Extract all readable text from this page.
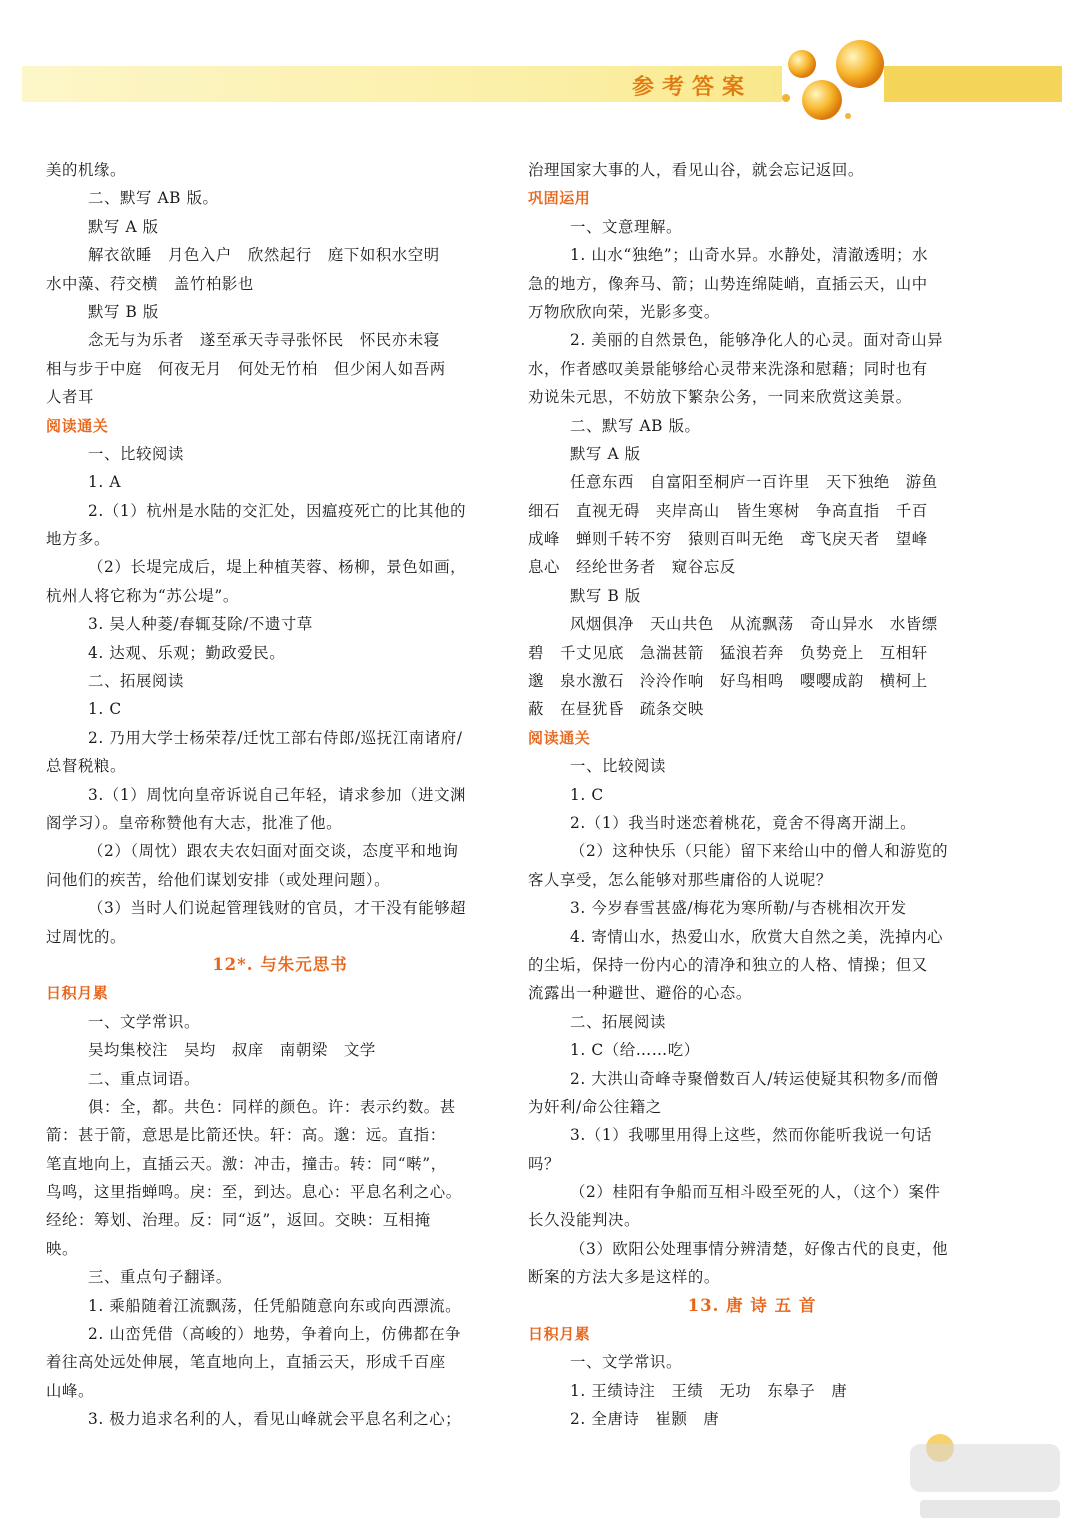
参考答案
美的机缘。
二、默写 AB 版。
默写 A 版
解衣欲睡　月色入户　欣然起行　庭下如积水空明
水中藻、荇交横　盖竹柏影也
默写 B 版
念无与为乐者　遂至承天寺寻张怀民　怀民亦未寝
相与步于中庭　何夜无月　何处无竹柏　但少闲人如吾两
人者耳
阅读通关
一、比较阅读
1. A
2.（1）杭州是水陆的交汇处，因瘟疫死亡的比其他的
地方多。
（2）长堤完成后，堤上种植芙蓉、杨柳，景色如画，
杭州人将它称为“苏公堤”。
3. 吴人种菱/春辄芟除/不遗寸草
4. 达观、乐观；勤政爱民。
二、拓展阅读
1. C
2. 乃用大学士杨荣荐/迁忱工部右侍郎/巡抚江南诸府/
总督税粮。
3.（1）周忱向皇帝诉说自己年轻，请求参加（进文渊
阁学习）。皇帝称赞他有大志，批准了他。
（2）（周忱）跟农夫农妇面对面交谈，态度平和地询
问他们的疾苦，给他们谋划安排（或处理问题）。
（3）当时人们说起管理钱财的官员，才干没有能够超
过周忱的。
12*. 与朱元思书
日积月累
一、文学常识。
吴均集校注　吴均　叔庠　南朝梁　文学
二、重点词语。
俱：全，都。共色：同样的颜色。许：表示约数。甚
箭：甚于箭，意思是比箭还快。轩：高。邈：远。直指：
笔直地向上，直插云天。激：冲击，撞击。转：同“啭”，
鸟鸣，这里指蝉鸣。戾：至，到达。息心：平息名利之心。
经纶：筹划、治理。反：同“返”，返回。交映：互相掩
映。
三、重点句子翻译。
1. 乘船随着江流飘荡，任凭船随意向东或向西漂流。
2. 山峦凭借（高峻的）地势，争着向上，仿佛都在争
着往高处远处伸展，笔直地向上，直插云天，形成千百座
山峰。
3. 极力追求名利的人，看见山峰就会平息名利之心；
治理国家大事的人，看见山谷，就会忘记返回。
巩固运用
一、文意理解。
1. 山水“独绝”；山奇水异。水静处，清澈透明；水
急的地方，像奔马、箭；山势连绵陡峭，直插云天，山中
万物欣欣向荣，光影多变。
2. 美丽的自然景色，能够净化人的心灵。面对奇山异
水，作者感叹美景能够给心灵带来洗涤和慰藉；同时也有
劝说朱元思，不妨放下繁杂公务，一同来欣赏这美景。
二、默写 AB 版。
默写 A 版
任意东西　自富阳至桐庐一百许里　天下独绝　游鱼
细石　直视无碍　夹岸高山　皆生寒树　争高直指　千百
成峰　蝉则千转不穷　猿则百叫无绝　鸢飞戾天者　望峰
息心　经纶世务者　窥谷忘反
默写 B 版
风烟俱净　天山共色　从流飘荡　奇山异水　水皆缥
碧　千丈见底　急湍甚箭　猛浪若奔　负势竞上　互相轩
邈　泉水激石　泠泠作响　好鸟相鸣　嘤嘤成韵　横柯上
蔽　在昼犹昏　疏条交映
阅读通关
一、比较阅读
1. C
2.（1）我当时迷恋着桃花，竟舍不得离开湖上。
（2）这种快乐（只能）留下来给山中的僧人和游览的
客人享受，怎么能够对那些庸俗的人说呢？
3. 今岁春雪甚盛/梅花为寒所勒/与杏桃相次开发
4. 寄情山水，热爱山水，欣赏大自然之美，洗掉内心
的尘垢，保持一份内心的清净和独立的人格、情操；但又
流露出一种避世、避俗的心态。
二、拓展阅读
1. C（给……吃）
2. 大洪山奇峰寺聚僧数百人/转运使疑其积物多/而僧
为奸利/命公往籍之
3.（1）我哪里用得上这些，然而你能听我说一句话
吗？
（2）桂阳有争船而互相斗殴至死的人，（这个）案件
长久没能判决。
（3）欧阳公处理事情分辨清楚，好像古代的良吏，他
断案的方法大多是这样的。
13. 唐 诗 五 首
日积月累
一、文学常识。
1. 王绩诗注　王绩　无功　东皋子　唐
2. 全唐诗　崔颢　唐
